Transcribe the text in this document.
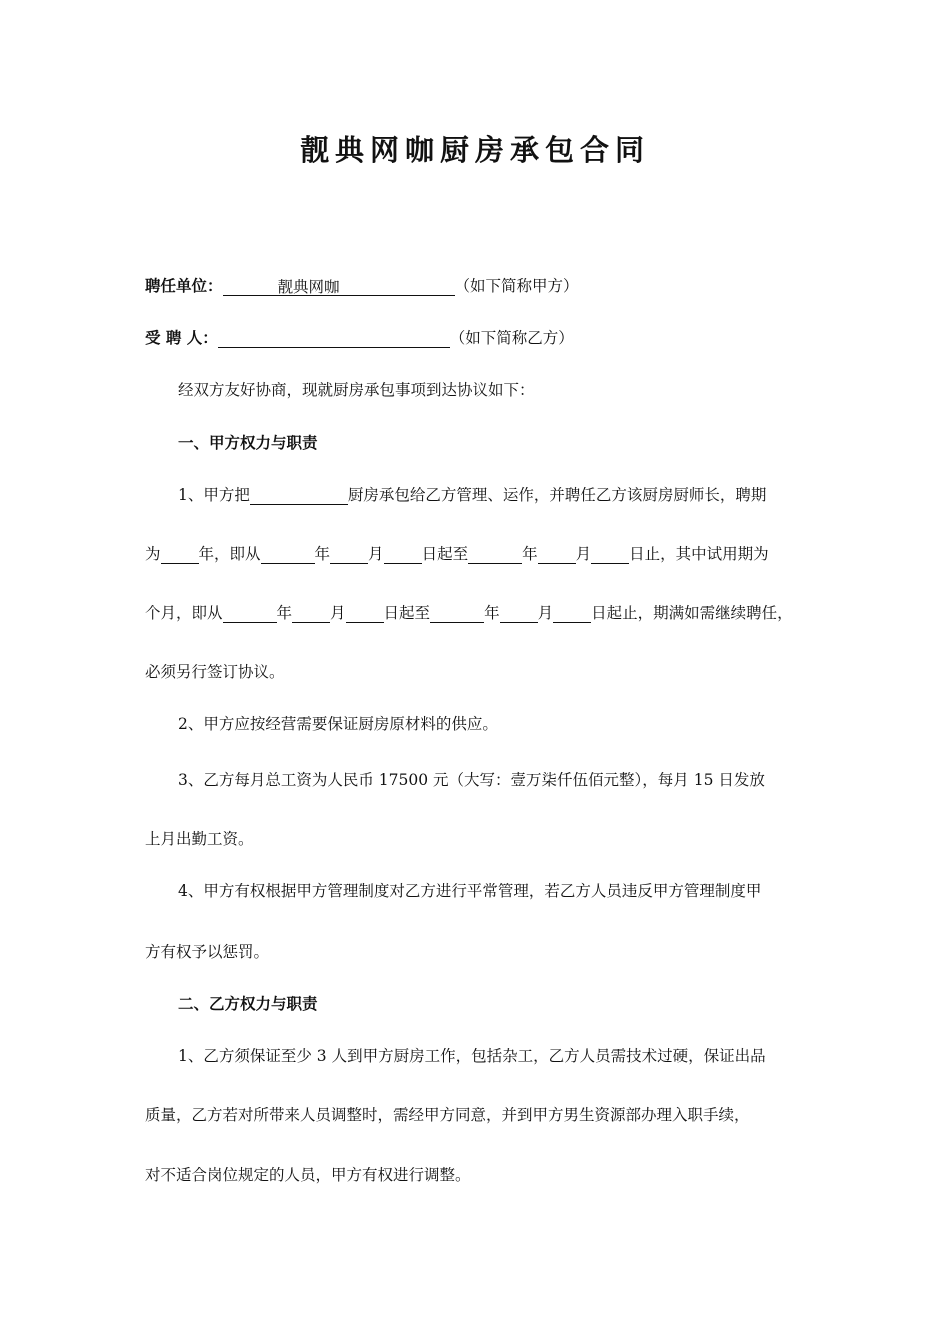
靓典网咖厨房承包合同
聘任单位：	靓典网咖	（如下简称甲方）
受 聘 人：	（如下简称乙方）
经双方友好协商，现就厨房承包事项到达协议如下：
一、甲方权力与职责
1、甲方把	厨房承包给乙方管理、运作，并聘任乙方该厨房厨师长，聘期
为 年，即从	年 月 日起至	年 月 日止，其中试用期为
个月，即从	年 月 日起至	年 月 日起止，期满如需继续聘任，
必须另行签订协议。
2、甲方应按经营需要保证厨房原材料的供应。
3、乙方每月总工资为人民币 17500 元（大写：壹万柒仟伍佰元整），每月 15 日发放
上月出勤工资。
4、甲方有权根据甲方管理制度对乙方进行平常管理，若乙方人员违反甲方管理制度甲
方有权予以惩罚。
二、乙方权力与职责
1、乙方须保证至少 3 人到甲方厨房工作，包括杂工，乙方人员需技术过硬，保证出品
质量，乙方若对所带来人员调整时，需经甲方同意，并到甲方男生资源部办理入职手续，
对不适合岗位规定的人员，甲方有权进行调整。
